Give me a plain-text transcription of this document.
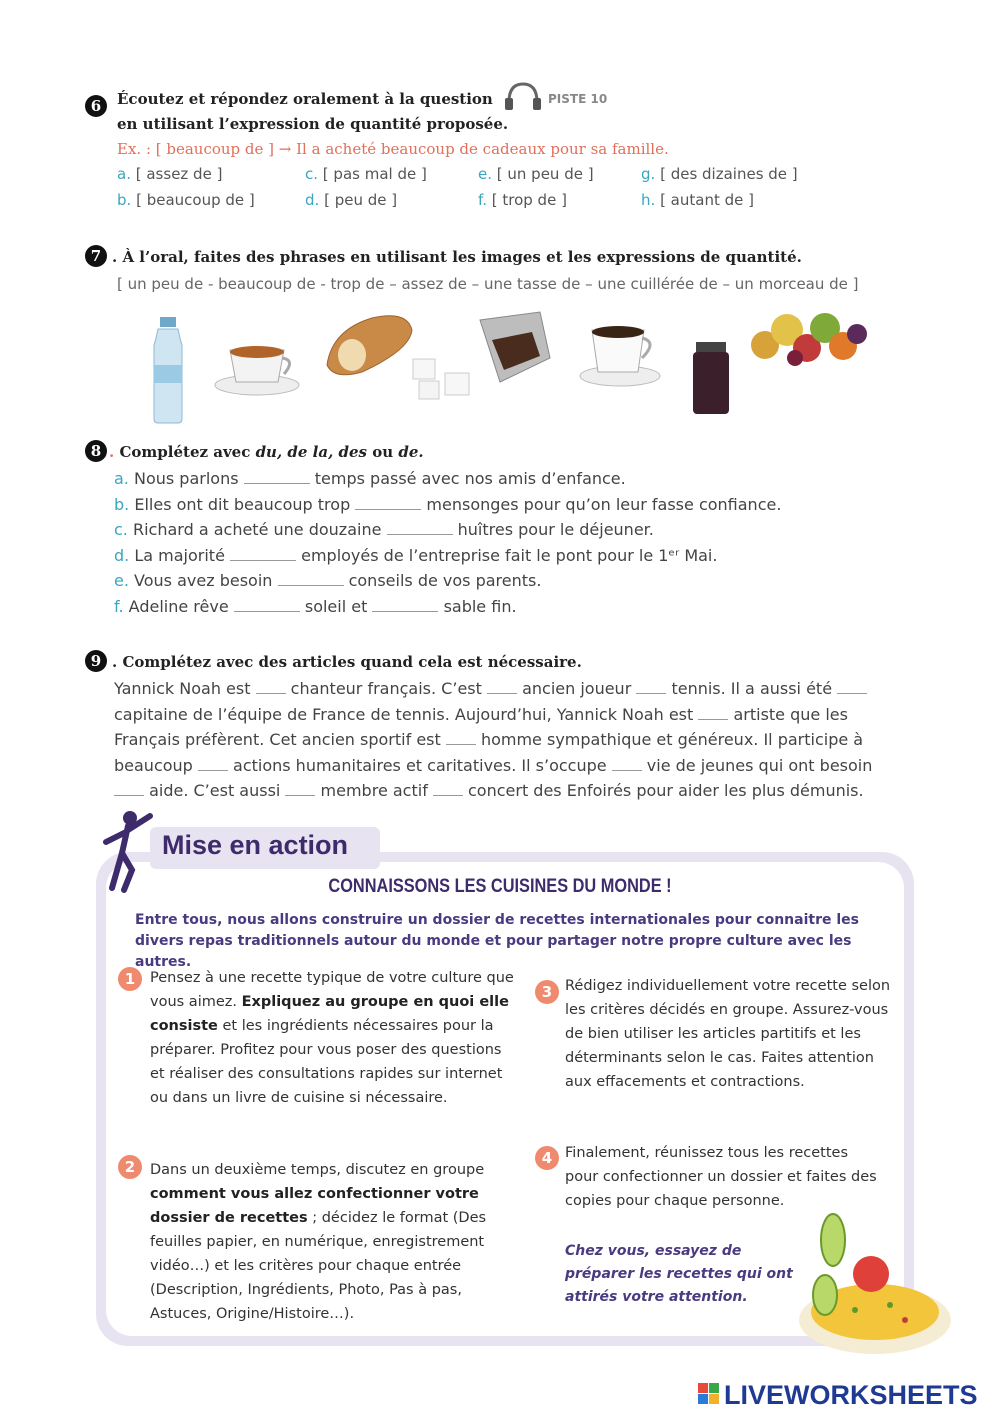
6	Écoutez et répondez oralement à la question	PISTE 10
en utilisant l’expression de quantité proposée.
Ex. : [ beaucoup de ] → Il a acheté beaucoup de cadeaux pour sa famille.
a. [ assez de ]
b. [ beaucoup de ]
c. [ pas mal de ]
d. [ peu de ]
e. [ un peu de ]
f. [ trop de ]
g. [ des dizaines de ]
h. [ autant de ]
7 . À l’oral, faites des phrases en utilisant les images et les expressions de quantité.
[ un peu de - beaucoup de - trop de – assez de – une tasse de – une cuillérée de – un morceau de ]
8 . Complétez avec du, de la, des ou de.
a. Nous parlons	temps passé avec nos amis d’enfance.
b. Elles ont dit beaucoup trop	mensonges pour qu’on leur fasse confiance.
c. Richard a acheté une douzaine	huîtres pour le déjeuner.
d. La majorité	employés de l’entreprise fait le pont pour le 1ᵉʳ Mai.
e. Vous avez besoin	conseils de vos parents.
f. Adeline rêve	soleil et	sable fin.
9 . Complétez avec des articles quand cela est nécessaire.
Yannick Noah est  chanteur français. C’est  ancien joueur  tennis. Il a aussi été
capitaine de l’équipe de France de tennis. Aujourd’hui, Yannick Noah est  artiste que les
Français préfèrent. Cet ancien sportif est  homme sympathique et généreux. Il participe à
beaucoup  actions humanitaires et caritatives. Il s’occupe  vie de jeunes qui ont besoin
aide. C’est aussi  membre actif  concert des Enfoirés pour aider les plus démunis.
Mise en action
CONNAISSONS LES CUISINES DU MONDE !
Entre tous, nous allons construire un dossier de recettes internationales pour connaitre les divers repas traditionnels autour du monde et pour partager notre propre culture avec les autres.
1	Pensez à une recette typique de votre culture que vous aimez. Expliquez au groupe en quoi elle consiste et les ingrédients nécessaires pour la préparer. Profitez pour vous poser des questions et réaliser des consultations rapides sur internet ou dans un livre de cuisine si nécessaire.
2	Dans un deuxième temps, discutez en groupe comment vous allez confectionner votre dossier de recettes ; décidez le format (Des feuilles papier, en numérique, enregistrement vidéo…) et les critères pour chaque entrée (Description, Ingrédients, Photo, Pas à pas, Astuces, Origine/Histoire…).
3 Rédigez individuellement votre recette selon les critères décidés en groupe. Assurez-vous de bien utiliser les articles partitifs et les déterminants selon le cas. Faites attention aux effacements et contractions.
4 Finalement, réunissez tous les recettes pour confectionner un dossier et faites des copies pour chaque personne.
Chez vous, essayez de préparer les recettes qui ont attirés votre attention.
LIVEWORKSHEETS
